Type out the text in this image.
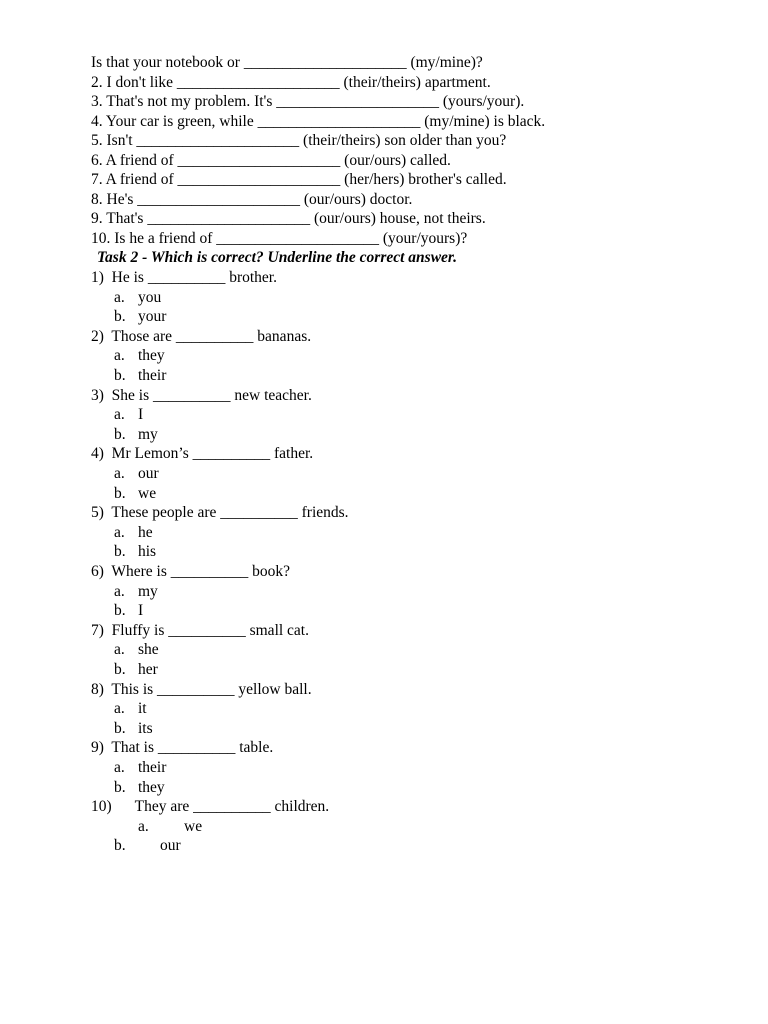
Is that your notebook or _____________________ (my/mine)?
2. I don't like _____________________ (their/theirs) apartment.
3. That's not my problem. It's _____________________ (yours/your).
4. Your car is green, while _____________________ (my/mine) is black.
5. Isn't _____________________ (their/theirs) son older than you?
6. A friend of _____________________ (our/ours) called.
7. A friend of _____________________ (her/hers) brother's called.
8. He's _____________________ (our/ours) doctor.
9. That's _____________________ (our/ours) house, not theirs.
10. Is he a friend of _____________________ (your/yours)?
Task 2 - Which is correct? Underline the correct answer.
1)  He is __________ brother.
a. you
b. your
2)  Those are __________ bananas.
a. they
b. their
3)  She is __________ new teacher.
a. I
b. my
4)  Mr Lemon’s __________ father.
a. our
b. we
5)  These people are __________ friends.
a. he
b. his
6)  Where is __________ book?
a. my
b. I
7)  Fluffy is __________ small cat.
a. she
b. her
8)  This is __________ yellow ball.
a. it
b. its
9)  That is __________ table.
a. their
b. they
10)      They are __________ children.
a. we
b. our
